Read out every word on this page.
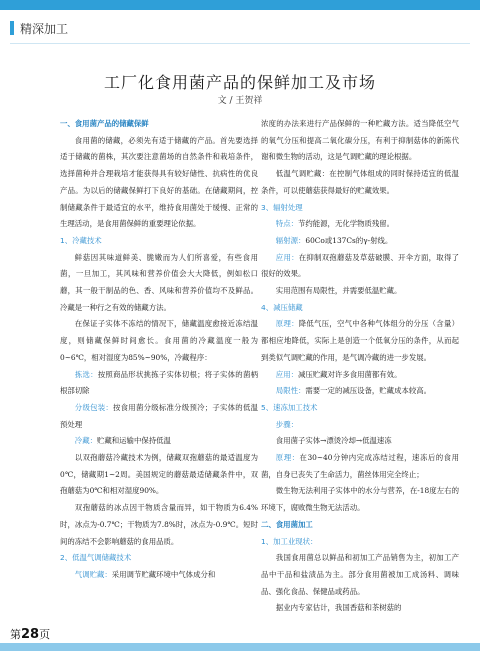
精深加工
工厂化食用菌产品的保鲜加工及市场
文 / 王贺祥

一、食用菌产品的储藏保鲜

食用菌的储藏，必须先有适于储藏的产品。首先要选择适于储藏的菌株，其次要注意菌场的自然条件和栽培条件，选择菌种并合理栽培才能获得具有较好储性、抗病性的优良产品。为以后的储藏保鲜打下良好的基础。在储藏期间，控制储藏条件于最适宜的水平，维持食用菌处于缓慢、正常的生理活动，是食用菌保鲜的重要理论依据。

1、冷藏技术

鲜菇因其味道鲜美、脆嫩而为人们所喜爱，有些食用菌，一旦加工，其风味和营养价值会大大降低，例如松口蘑，其一般干制品的色、香、风味和营养价值均不及鲜品。冷藏是一种行之有效的储藏方法。

在保证子实体不冻结的情况下，储藏温度愈接近冻结温度，则储藏保鲜时间愈长。食用菌的冷藏温度一般为0~6℃，相对湿度为85%~90%，冷藏程序：

拣选：按照商品形状挑拣子实体切根；将子实体的菌柄根部切除

分级包装：按食用菌分级标准分级预冷；子实体的低温预处理

冷藏：贮藏和运输中保持低温

以双孢蘑菇冷藏技术为例，储藏双孢蘑菇的最适温度为0℃，储藏期1~2周。美国规定的蘑菇最适储藏条件中，双孢蘑菇为0℃和相对湿度90%。

双孢蘑菇的冰点因干物质含量而异，如干物质为6.4%时，冰点为-0.7℃；干物质为7.8%时，冰点为-0.9℃。短时间的冻结不会影响蘑菇的食用品质。

2、低温气调储藏技术

气调贮藏：采用调节贮藏环境中气体成分和

浓度的办法来进行产品保鲜的一种贮藏方法。适当降低空气的氧气分压和提高二氧化碳分压，有利于抑制菇体的新陈代谢和微生物的活动，这是气调贮藏的理论根据。

低温气调贮藏：在控制气体组成的同时保持适宜的低温条件，可以使蘑菇获得最好的贮藏效果。

3、辐射处理

特点：节约能源，无化学物质残留。

辐射源：60Co或137Cs的γ-射线。

应用：在抑制双孢蘑菇及草菇破膜、开伞方面，取得了很好的效果。

实用范围有局限性，并需要低温贮藏。

4、减压储藏

原理：降低气压，空气中各种气体组分的分压（含量）都相应地降低，实际上是创造一个低氧分压的条件，从而起到类似气调贮藏的作用，是气调冷藏的进一步发展。

应用：减压贮藏对许多食用菌都有效。

局限性：需要一定的减压设备，贮藏成本较高。

5、速冻加工技术

步骤：

食用菌子实体→漂烫冷却→低温速冻

原理：在30~40分钟内完成冻结过程，速冻后的食用菌，自身已丧失了生命活力，菌丝体用完全终止；

微生物无法利用子实体中的水分与营养，在-18度左右的环境下，腐败微生物无法活动。

二、食用菌加工

1、加工业现状：

我国食用菌总以鲜品和初加工产品销售为主，初加工产品中干品和盐渍品为主。部分食用菌被加工成汤料、调味品、强化食品、保健品或药品。

据业内专家估计，我国香菇和茶树菇的

第28页
